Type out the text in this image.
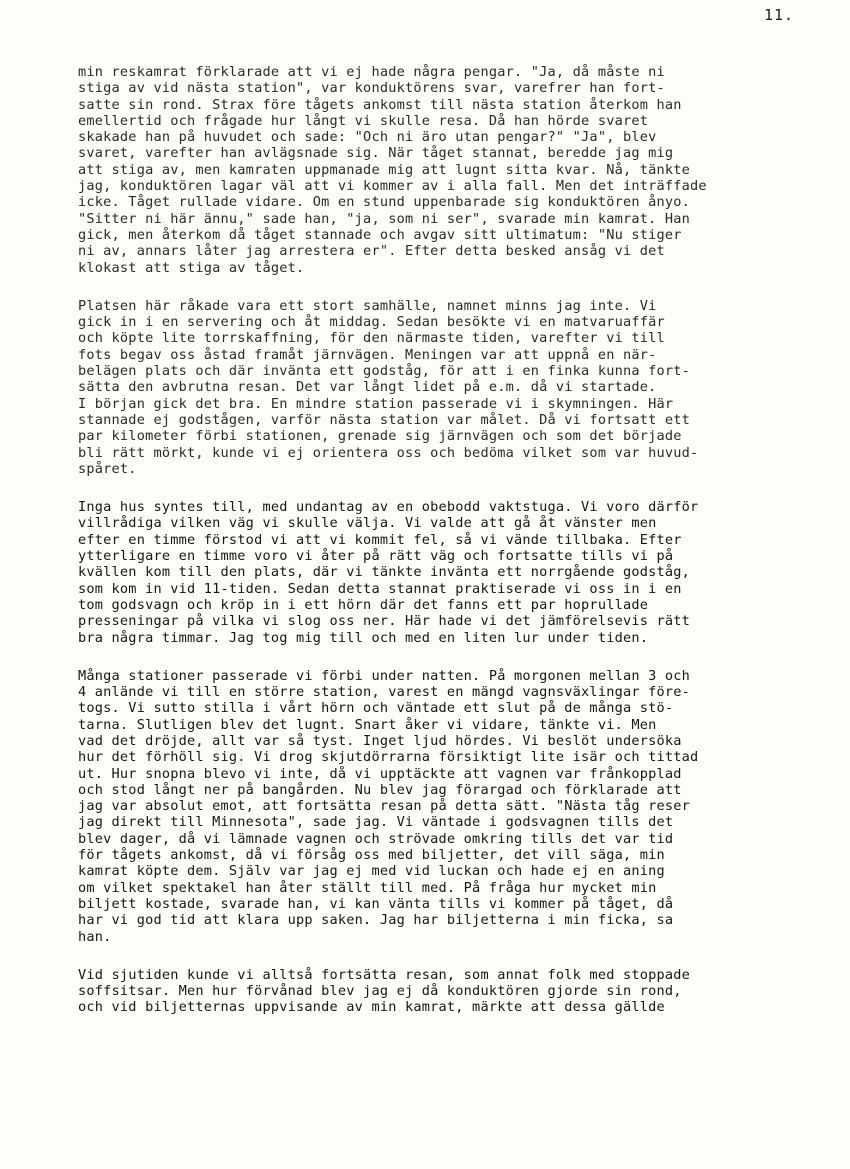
11.
min reskamrat förklarade att vi ej hade några pengar. "Ja, då måste ni
stiga av vid nästa station", var konduktörens svar, varefrer han fort-
satte sin rond. Strax före tågets ankomst till nästa station återkom han
emellertid och frågade hur långt vi skulle resa. Då han hörde svaret
skakade han på huvudet och sade: "Och ni äro utan pengar?" "Ja", blev
svaret, varefter han avlägsnade sig. När tåget stannat, beredde jag mig
att stiga av, men kamraten uppmanade mig att lugnt sitta kvar. Nå, tänkte
jag, konduktören lagar väl att vi kommer av i alla fall. Men det inträffade
icke. Tåget rullade vidare. Om en stund uppenbarade sig konduktören ånyo.
"Sitter ni här ännu," sade han, "ja, som ni ser", svarade min kamrat. Han
gick, men återkom då tåget stannade och avgav sitt ultimatum: "Nu stiger
ni av, annars låter jag arrestera er". Efter detta besked ansåg vi det
klokast att stiga av tåget.
Platsen här råkade vara ett stort samhälle, namnet minns jag inte. Vi
gick in i en servering och åt middag. Sedan besökte vi en matvaruaffär
och köpte lite torrskaffning, för den närmaste tiden, varefter vi till
fots begav oss åstad framåt järnvägen. Meningen var att uppnå en när-
belägen plats och där invänta ett godståg, för att i en finka kunna fort-
sätta den avbrutna resan. Det var långt lidet på e.m. då vi startade.
I början gick det bra. En mindre station passerade vi i skymningen. Här
stannade ej godstågen, varför nästa station var målet. Då vi fortsatt ett
par kilometer förbi stationen, grenade sig järnvägen och som det började
bli rätt mörkt, kunde vi ej orientera oss och bedöma vilket som var huvud-
spåret.
Inga hus syntes till, med undantag av en obebodd vaktstuga. Vi voro därför
villrådiga vilken väg vi skulle välja. Vi valde att gå åt vänster men
efter en timme förstod vi att vi kommit fel, så vi vände tillbaka. Efter
ytterligare en timme voro vi åter på rätt väg och fortsatte tills vi på
kvällen kom till den plats, där vi tänkte invänta ett norrgående godståg,
som kom in vid 11-tiden. Sedan detta stannat praktiserade vi oss in i en
tom godsvagn och kröp in i ett hörn där det fanns ett par hoprullade
presseningar på vilka vi slog oss ner. Här hade vi det jämförelsevis rätt
bra några timmar. Jag tog mig till och med en liten lur under tiden.
Många stationer passerade vi förbi under natten. På morgonen mellan 3 och
4 anlände vi till en större station, varest en mängd vagnsväxlingar före-
togs. Vi sutto stilla i vårt hörn och väntade ett slut på de många stö-
tarna. Slutligen blev det lugnt. Snart åker vi vidare, tänkte vi. Men
vad det dröjde, allt var så tyst. Inget ljud hördes. Vi beslöt undersöka
hur det förhöll sig. Vi drog skjutdörrarna försiktigt lite isär och tittad
ut. Hur snopna blevo vi inte, då vi upptäckte att vagnen var frånkopplad
och stod långt ner på bangården. Nu blev jag förargad och förklarade att
jag var absolut emot, att fortsätta resan på detta sätt. "Nästa tåg reser
jag direkt till Minnesota", sade jag. Vi väntade i godsvagnen tills det
blev dager, då vi lämnade vagnen och strövade omkring tills det var tid
för tågets ankomst, då vi försåg oss med biljetter, det vill säga, min
kamrat köpte dem. Själv var jag ej med vid luckan och hade ej en aning
om vilket spektakel han åter ställt till med. På fråga hur mycket min
biljett kostade, svarade han, vi kan vänta tills vi kommer på tåget, då
har vi god tid att klara upp saken. Jag har biljetterna i min ficka, sa
han.
Vid sjutiden kunde vi alltså fortsätta resan, som annat folk med stoppade
soffsitsar. Men hur förvånad blev jag ej då konduktören gjorde sin rond,
och vid biljetternas uppvisande av min kamrat, märkte att dessa gällde
